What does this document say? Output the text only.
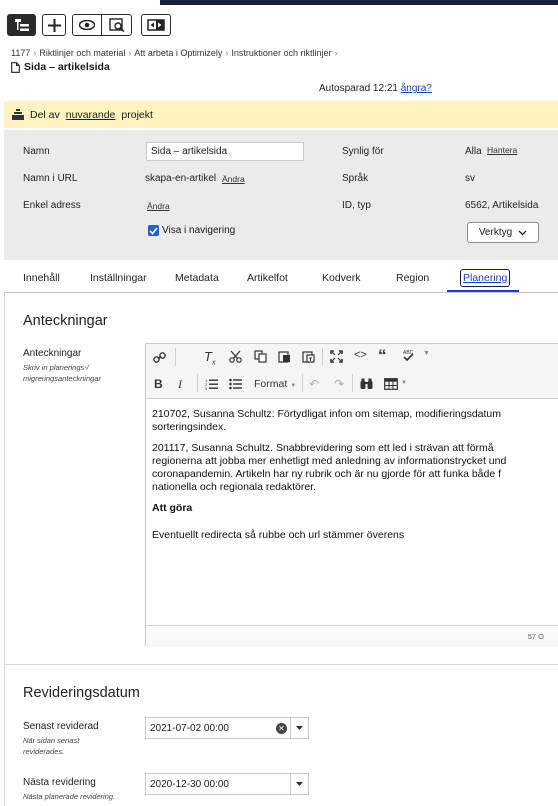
1177 › Riktlinjer och material › Att arbeta i Optimizely › Instruktioner och riktlinjer ›
Sida – artikelsida
Autosparad 12:21 ångra?
Del av nuvarande projekt
Namn	Sida – artikelsida
Namn i URL	skapa-en-artikel Ändra
Enkel adress	Ändra
Visa i navigering
Synlig för	Alla Hantera
Språk	sv
ID, typ	6562, Artikelsida
Verktyg
Innehåll	Inställningar	Metadata	Artikelfot	Kodverk	Region	Planering
Anteckningar
Anteckningar
Skriv in planerings-/
migreringsanteckningar
$T_x$
<> “	ABC ▼
B I	1
2
3	Format ▼ ↶ ↷	▼

210702, Susanna Schultz: Förtydligat infon om sitemap, modifieringsdatum
sorteringsindex.

201117, Susanna Schultz. Snabbrevidering som ett led i strävan att förmå
regionerna att jobba mer enhetligt med anledning av informationstrycket und
coronapandemin. Artikeln har ny rubrik och är nu gjorde för att funka både f
nationella och regionala redaktörer.

Att göra

Eventuellt redirecta så rubbe och url stämmer överens

57 O
Revideringsdatum
Senast reviderad
När sidan senast
reviderades.
2021-07-02 00:00	✕
Nästa revidering
Nästa planerade revidering.
2020-12-30 00:00
